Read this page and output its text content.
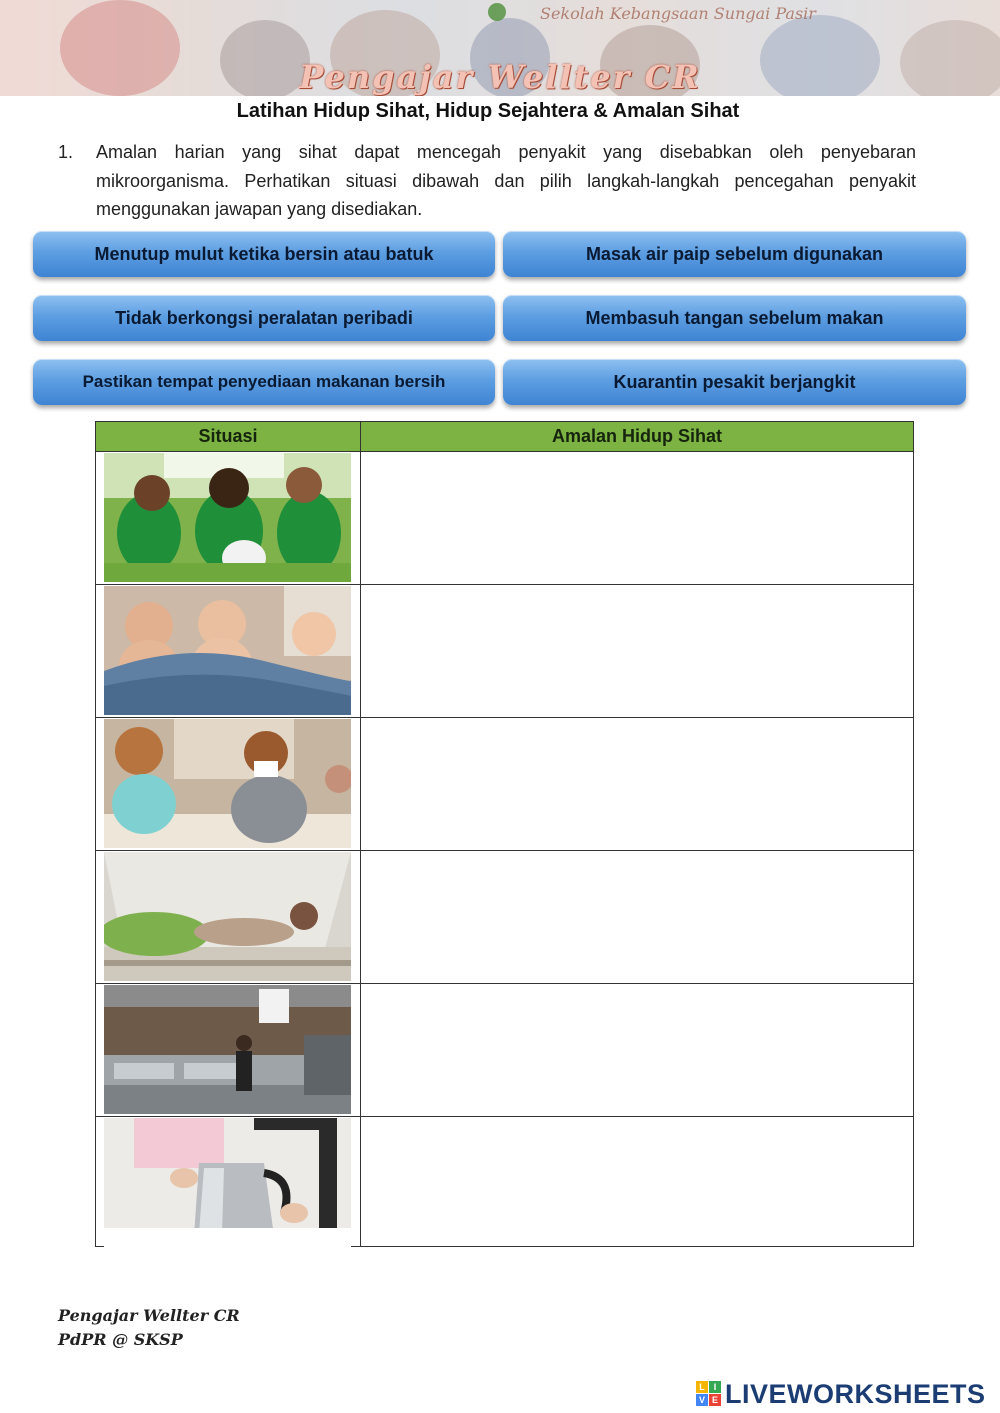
Sekolah Kebangsaan Sungai Pasir
Pengajar Wellter CR
Latihan Hidup Sihat, Hidup Sejahtera & Amalan Sihat
1. Amalan harian yang sihat dapat mencegah penyakit yang disebabkan oleh penyebaran mikroorganisma. Perhatikan situasi dibawah dan pilih langkah-langkah pencegahan penyakit menggunakan jawapan yang disediakan.
Menutup mulut ketika bersin atau batuk	Masak air paip sebelum digunakan
Tidak berkongsi peralatan peribadi	Membasuh tangan sebelum makan
Pastikan tempat penyediaan makanan bersih	Kuarantin pesakit berjangkit
Situasi	Amalan Hidup Sihat
Pengajar Wellter CR
PdPR @ SKSP
L I
V E LIVEWORKSHEETS
